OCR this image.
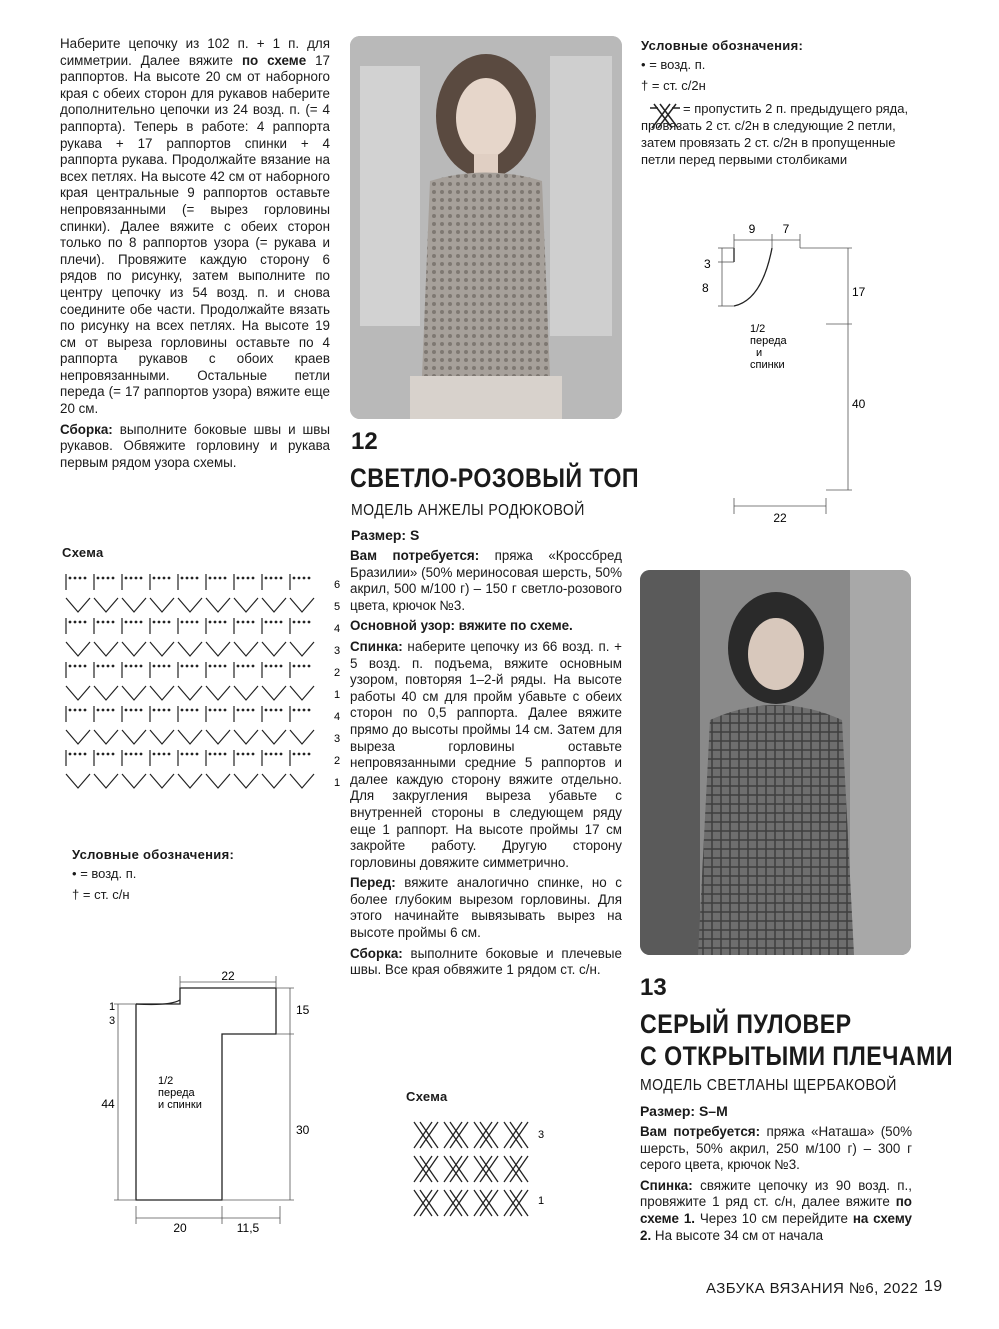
Наберите цепочку из 102 п. + 1 п. для симметрии. Далее вяжите по схеме 17 раппортов. На высоте 20 см от наборного края с обеих сторон для рукавов наберите дополнительно цепочки из 24 возд. п. (= 4 раппорта). Теперь в работе: 4 раппорта рукава + 17 раппортов спинки + 4 раппорта рукава. Продолжайте вязание на всех петлях. На высоте 42 см от наборного края центральные 9 раппортов оставьте непровязанными (= вырез горловины спинки). Далее вяжите с обеих сторон только по 8 раппортов узора (= рукава и плечи). Провяжите каждую сторону 6 рядов по рисунку, затем выполните по центру цепочку из 54 возд. п. и снова соедините обе части. Продолжайте вязать по рисунку на всех петлях. На высоте 19 см от выреза горловины оставьте по 4 раппорта рукавов с обоих краев непровязанными. Остальные петли переда (= 17 раппортов узора) вяжите еще 20 см.

Сборка: выполните боковые швы и швы рукавов. Обвяжите горловину и рукава первым рядом узора схемы.

Схема
6
5
4
3
2
1
4
3
2
1
Условные обозначения:
• = возд. п.
† = ст. с/н
22
44
15
30
20	11,5
1
3
1/2
переда
и спинки
12
СВЕТЛО-РОЗОВЫЙ ТОП
МОДЕЛЬ АНЖЕЛЫ РОДЮКОВОЙ
Размер: S

Вам потребуется: пряжа «Кроссбред Бразилии» (50% мериносовая шерсть, 50% акрил, 500 м/100 г) – 150 г светло-розового цвета, крючок №3.

Основной узор: вяжите по схеме.

Спинка: наберите цепочку из 66 возд. п. + 5 возд. п. подъема, вяжите основным узором, повторяя 1–2-й ряды. На высоте работы 40 см для пройм убавьте с обеих сторон по 0,5 раппорта. Далее вяжите прямо до высоты проймы 14 см. Затем для выреза горловины оставьте непровязанными средние 5 раппортов и далее каждую сторону вяжите отдельно. Для закругления выреза убавьте с внутренней стороны в следующем ряду еще 1 раппорт. На высоте проймы 17 см закройте работу. Другую сторону горловины довяжите симметрично.

Перед: вяжите аналогично спинке, но с более глубоким вырезом горловины. Для этого начинайте вывязывать вырез на высоте проймы 6 см.

Сборка: выполните боковые и плечевые швы. Все края обвяжите 1 рядом ст. с/н.

Схема
3
1
Условные обозначения:
• = возд. п.
† = ст. с/2н
= пропустить 2 п. предыдущего ряда, провязать 2 ст. с/2н в следующие 2 петли, затем провязать 2 ст. с/2н в пропущенные петли перед первыми столбиками
9 7
3
8	17
40
22
1/2
переда
и
спинки
13
СЕРЫЙ ПУЛОВЕР
С ОТКРЫТЫМИ ПЛЕЧАМИ
МОДЕЛЬ СВЕТЛАНЫ ЩЕРБАКОВОЙ
Размер: S–M

Вам потребуется: пряжа «Наташа» (50% шерсть, 50% акрил, 250 м/100 г) – 300 г серого цвета, крючок №3.

Спинка: свяжите цепочку из 90 возд. п., провяжите 1 ряд ст. с/н, далее вяжите по схеме 1. Через 10 см перейдите на схему 2. На высоте 34 см от начала

АЗБУКА ВЯЗАНИЯ №6, 2022 19
